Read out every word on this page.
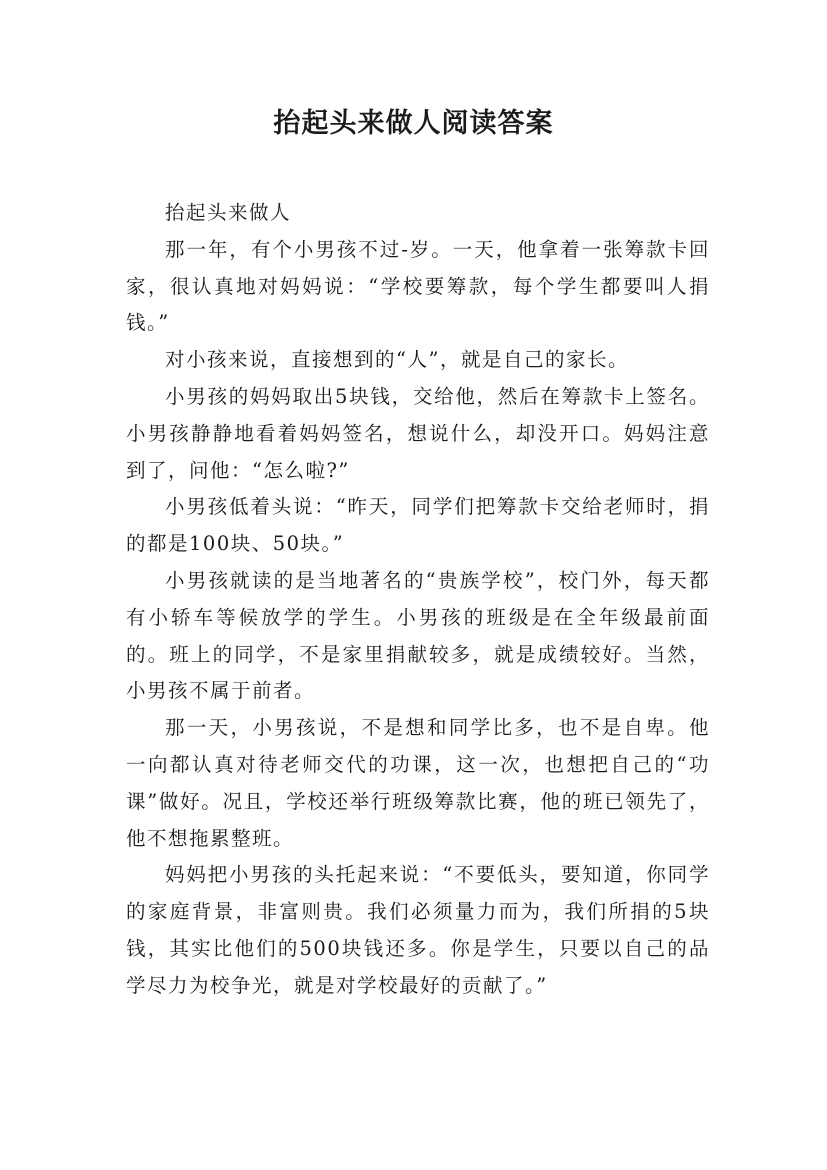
抬起头来做人阅读答案

抬起头来做人

那一年，有个小男孩不过-岁。一天，他拿着一张筹款卡回家，很认真地对妈妈说：“学校要筹款，每个学生都要叫人捐钱。”

对小孩来说，直接想到的“人”，就是自己的家长。

小男孩的妈妈取出5块钱，交给他，然后在筹款卡上签名。小男孩静静地看着妈妈签名，想说什么，却没开口。妈妈注意到了，问他：“怎么啦?”

小男孩低着头说：“昨天，同学们把筹款卡交给老师时，捐的都是100块、50块。”

小男孩就读的是当地著名的“贵族学校”，校门外，每天都有小轿车等候放学的学生。小男孩的班级是在全年级最前面的。班上的同学，不是家里捐献较多，就是成绩较好。当然，小男孩不属于前者。

那一天，小男孩说，不是想和同学比多，也不是自卑。他一向都认真对待老师交代的功课，这一次，也想把自己的“功课”做好。况且，学校还举行班级筹款比赛，他的班已领先了，他不想拖累整班。

妈妈把小男孩的头托起来说：“不要低头，要知道，你同学的家庭背景，非富则贵。我们必须量力而为，我们所捐的5块钱，其实比他们的500块钱还多。你是学生，只要以自己的品学尽力为校争光，就是对学校最好的贡献了。”
